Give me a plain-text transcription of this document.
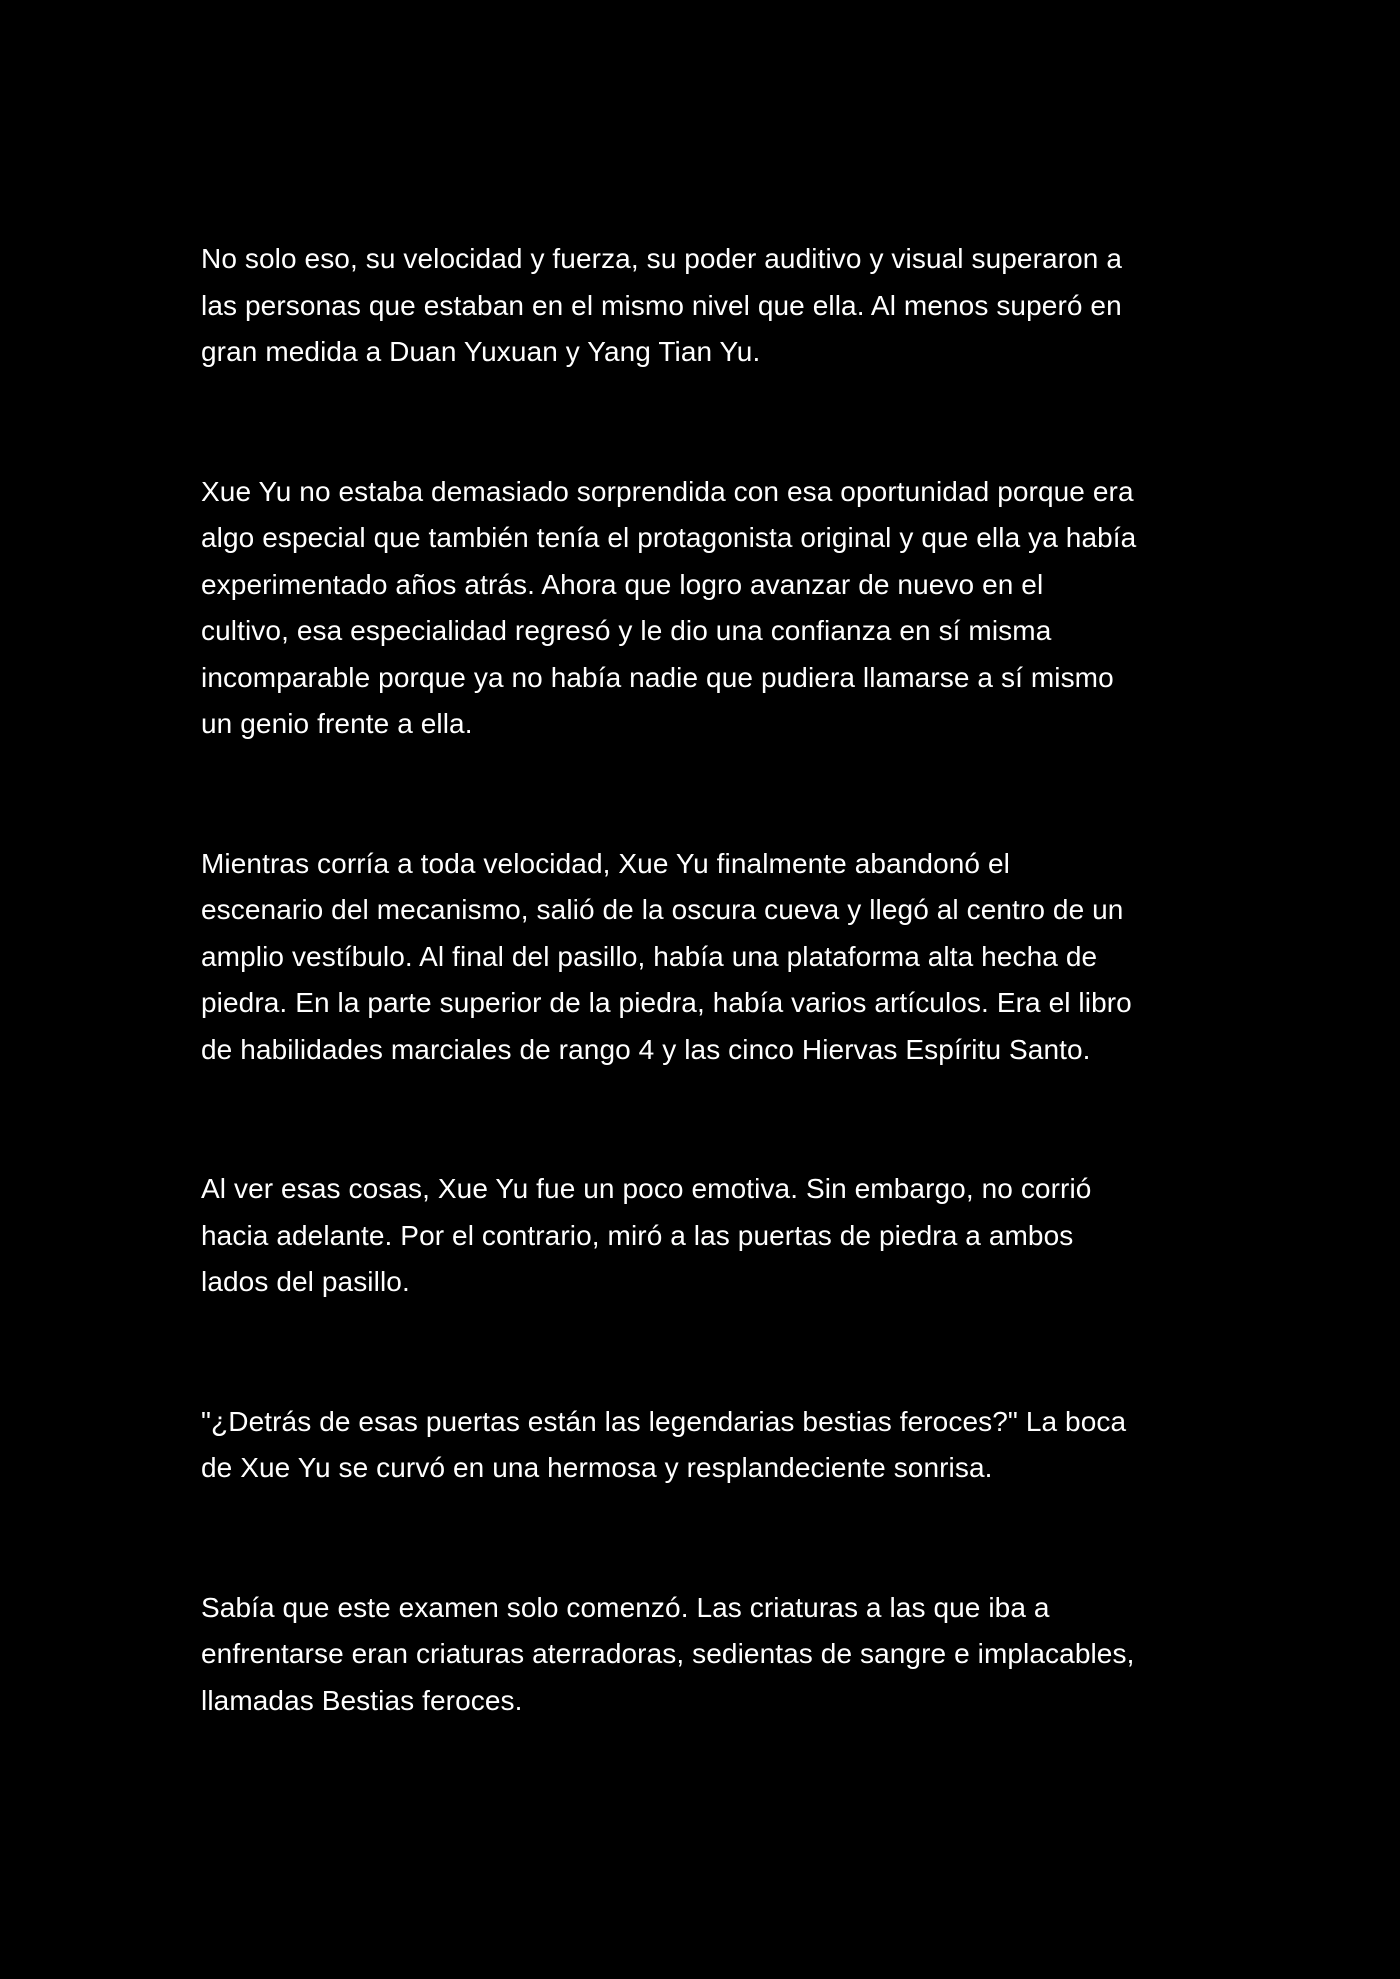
No solo eso, su velocidad y fuerza, su poder auditivo y visual superaron a
las personas que estaban en el mismo nivel que ella. Al menos superó en
gran medida a Duan Yuxuan y Yang Tian Yu.

Xue Yu no estaba demasiado sorprendida con esa oportunidad porque era
algo especial que también tenía el protagonista original y que ella ya había
experimentado años atrás. Ahora que logro avanzar de nuevo en el
cultivo, esa especialidad regresó y le dio una confianza en sí misma
incomparable porque ya no había nadie que pudiera llamarse a sí mismo
un genio frente a ella.

Mientras corría a toda velocidad, Xue Yu finalmente abandonó el
escenario del mecanismo, salió de la oscura cueva y llegó al centro de un
amplio vestíbulo. Al final del pasillo, había una plataforma alta hecha de
piedra. En la parte superior de la piedra, había varios artículos. Era el libro
de habilidades marciales de rango 4 y las cinco Hiervas Espíritu Santo.

Al ver esas cosas, Xue Yu fue un poco emotiva. Sin embargo, no corrió
hacia adelante. Por el contrario, miró a las puertas de piedra a ambos
lados del pasillo.

"¿Detrás de esas puertas están las legendarias bestias feroces?" La boca
de Xue Yu se curvó en una hermosa y resplandeciente sonrisa.

Sabía que este examen solo comenzó. Las criaturas a las que iba a
enfrentarse eran criaturas aterradoras, sedientas de sangre e implacables,
llamadas Bestias feroces.
